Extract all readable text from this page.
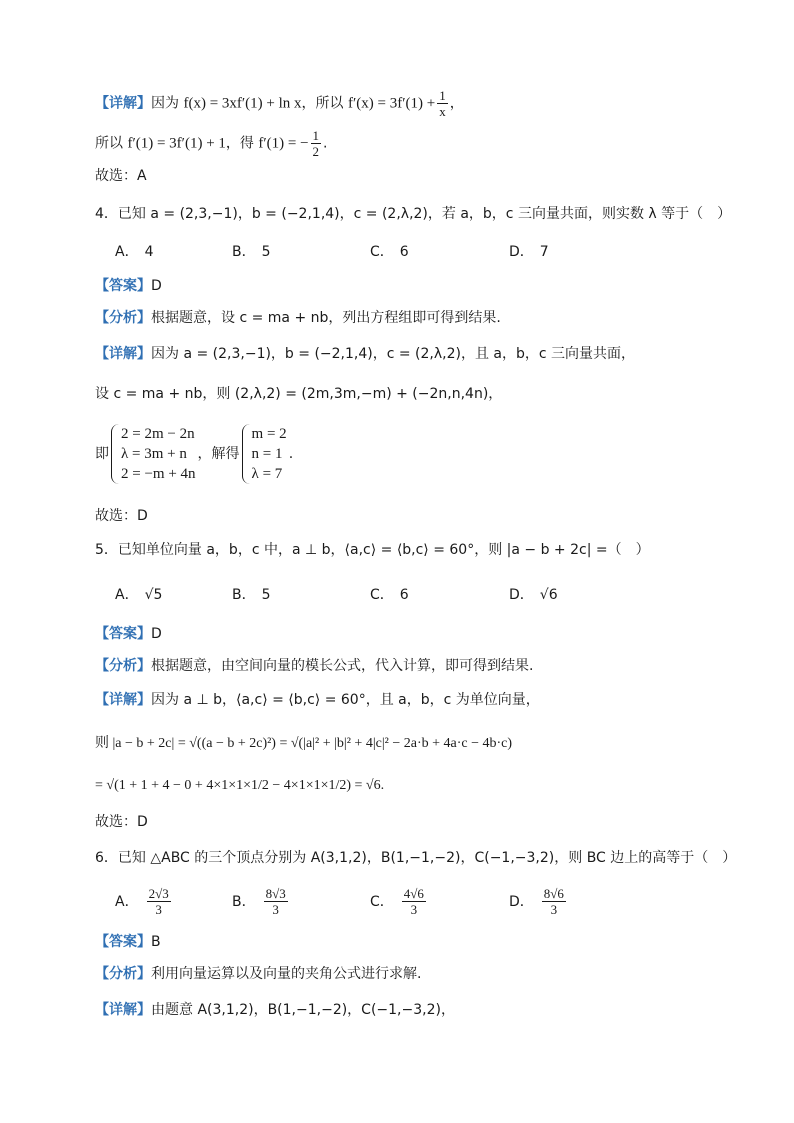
【详解】因为 f(x) = 3xf′(1) + ln x，所以 $f'(x) = 3f'(1) + \frac{1}{x}$ ，
所以 f′(1) = 3f′(1) + 1，得 f′(1) = − $\frac{1}{2}$ .
故选：A
4．已知 a = (2,3,−1)，b = (−2,1,4)，c = (2,λ,2)，若 a，b，c 三向量共面，则实数 λ 等于（　）
A． 4	B． 5	C． 6	D． 7
【答案】D
【分析】根据题意，设 c = ma + nb，列出方程组即可得到结果.
【详解】因为 a = (2,3,−1)，b = (−2,1,4)，c = (2,λ,2)，且 a，b，c 三向量共面，
设 c = ma + nb，则 (2,λ,2) = (2m,3m,−m) + (−2n,n,4n)，
即
2 = 2m − 2n
λ = 3m + n
2 = −m + 4n
，解得
m = 2
n = 1
λ = 7
.
故选：D
5．已知单位向量 a，b，c 中，a ⊥ b，⟨a,c⟩ = ⟨b,c⟩ = 60°，则 |a − b + 2c| =（　）
A． √5	B． 5	C． 6	D． √6
【答案】D
【分析】根据题意，由空间向量的模长公式，代入计算，即可得到结果.
【详解】因为 a ⊥ b，⟨a,c⟩ = ⟨b,c⟩ = 60°，且 a，b，c 为单位向量，
则 |a − b + 2c| = √((a − b + 2c)²) = √(|a|² + |b|² + 4|c|² − 2a·b + 4a·c − 4b·c)
= √(1 + 1 + 4 − 0 + 4×1×1×1/2 − 4×1×1×1/2) = √6.
故选：D
6．已知 △ABC 的三个顶点分别为 A(3,1,2)，B(1,−1,−2)，C(−1,−3,2)，则 BC 边上的高等于（　）
A． $\frac{2√3}{3}$	B． $\frac{8√3}{3}$	C． $\frac{4√6}{3}$	D． $\frac{8√6}{3}$
【答案】B
【分析】利用向量运算以及向量的夹角公式进行求解.
【详解】由题意 A(3,1,2)，B(1,−1,−2)，C(−1,−3,2)，
